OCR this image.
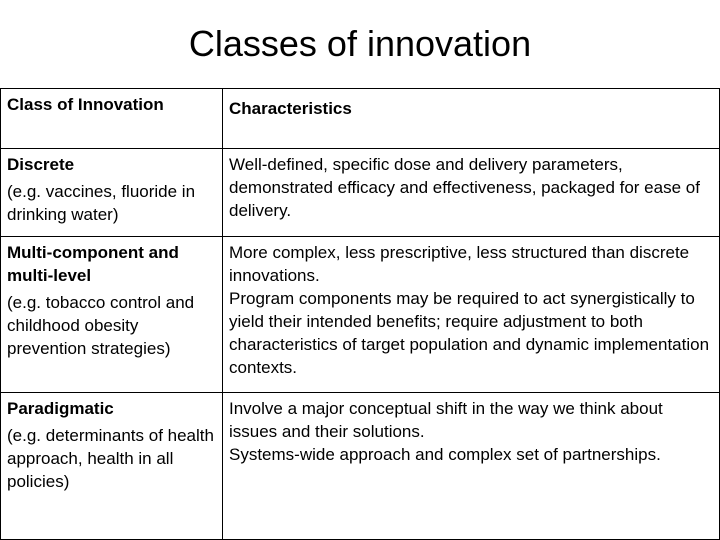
Classes of innovation
Class of Innovation	Characteristics

Discrete
(e.g. vaccines, fluoride in drinking water)	Well-defined, specific dose and delivery parameters, demonstrated efficacy and effectiveness, packaged for ease of delivery.

Multi-component and multi-level
(e.g. tobacco control and childhood obesity prevention strategies)	More complex, less prescriptive, less structured than discrete innovations.
Program components may be required to act synergistically to yield their intended benefits; require adjustment to both characteristics of target population and dynamic implementation contexts.

Paradigmatic
(e.g. determinants of health approach, health in all policies)	Involve a major conceptual shift in the way we think about issues and their solutions.
Systems-wide approach and complex set of partnerships.
